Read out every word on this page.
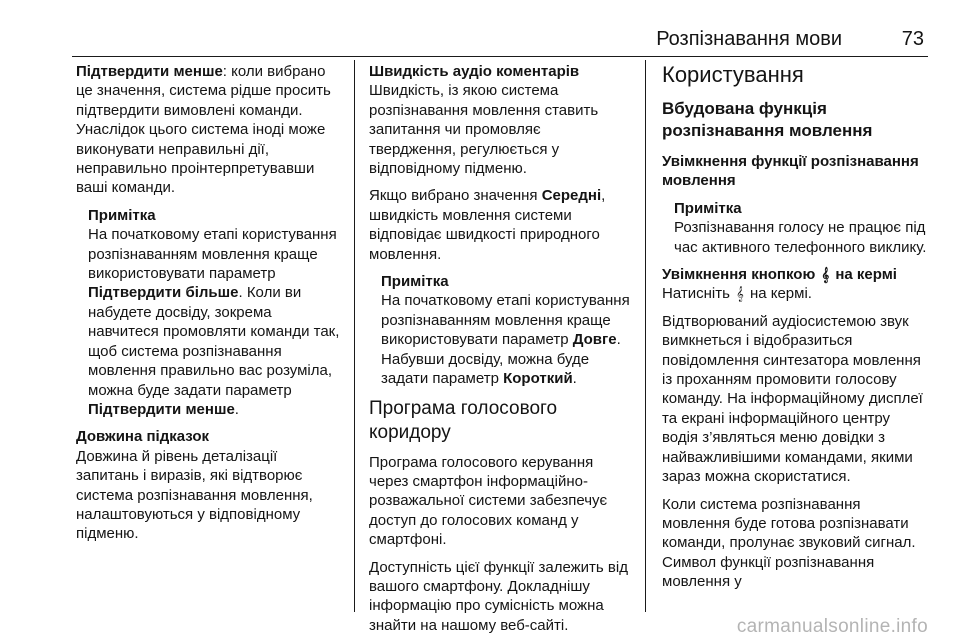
Розпізнавання мови	73

Підтвердити менше: коли вибрано це значення, система рідше просить підтвердити вимовлені команди. Унаслідок цього система іноді може виконувати неправильні дії, неправильно проінтерпретувавши ваші команди.

Примітка

На початковому етапі користування розпізнаванням мовлення краще використовувати параметр Підтвердити більше. Коли ви набудете досвіду, зокрема навчитеся промовляти команди так, щоб система розпізнавання мовлення правильно вас розуміла, можна буде задати параметр Підтвердити менше.

Довжина підказок

Довжина й рівень деталізації запитань і виразів, які відтворює система розпізнавання мовлення, налаштовуються у відповідному підменю.

Швидкість аудіо коментарів

Швидкість, із якою система розпізнавання мовлення ставить запитання чи промовляє твердження, регулюється у відповідному підменю.

Якщо вибрано значення Середні, швидкість мовлення системи відповідає швидкості природного мовлення.

Примітка

На початковому етапі користування розпізнаванням мовлення краще використовувати параметр Довге. Набувши досвіду, можна буде задати параметр Короткий.

Програма голосового коридору

Програма голосового керування через смартфон інформаційно-розважальної системи забезпечує доступ до голосових команд у смартфоні.

Доступність цієї функції залежить від вашого смартфону. Докладнішу інформацію про сумісність можна знайти на нашому веб-сайті.

Користування

Вбудована функція розпізнавання мовлення

Увімкнення функції розпізнавання мовлення

Примітка

Розпізнавання голосу не працює під час активного телефонного виклику.

Увімкнення кнопкою 𝄞 на кермі

Натисніть 𝄞 на кермі.

Відтворюваний аудіосистемою звук вимкнеться і відобразиться повідомлення синтезатора мовлення із проханням промовити голосову команду. На інформаційному дисплеї та екрані інформаційного центру водія з’являться меню довідки з найважливішими командами, якими зараз можна скористатися.

Коли система розпізнавання мовлення буде готова розпізнавати команди, пролунає звуковий сигнал. Символ функції розпізнавання мовлення у

carmanualsonline.info
